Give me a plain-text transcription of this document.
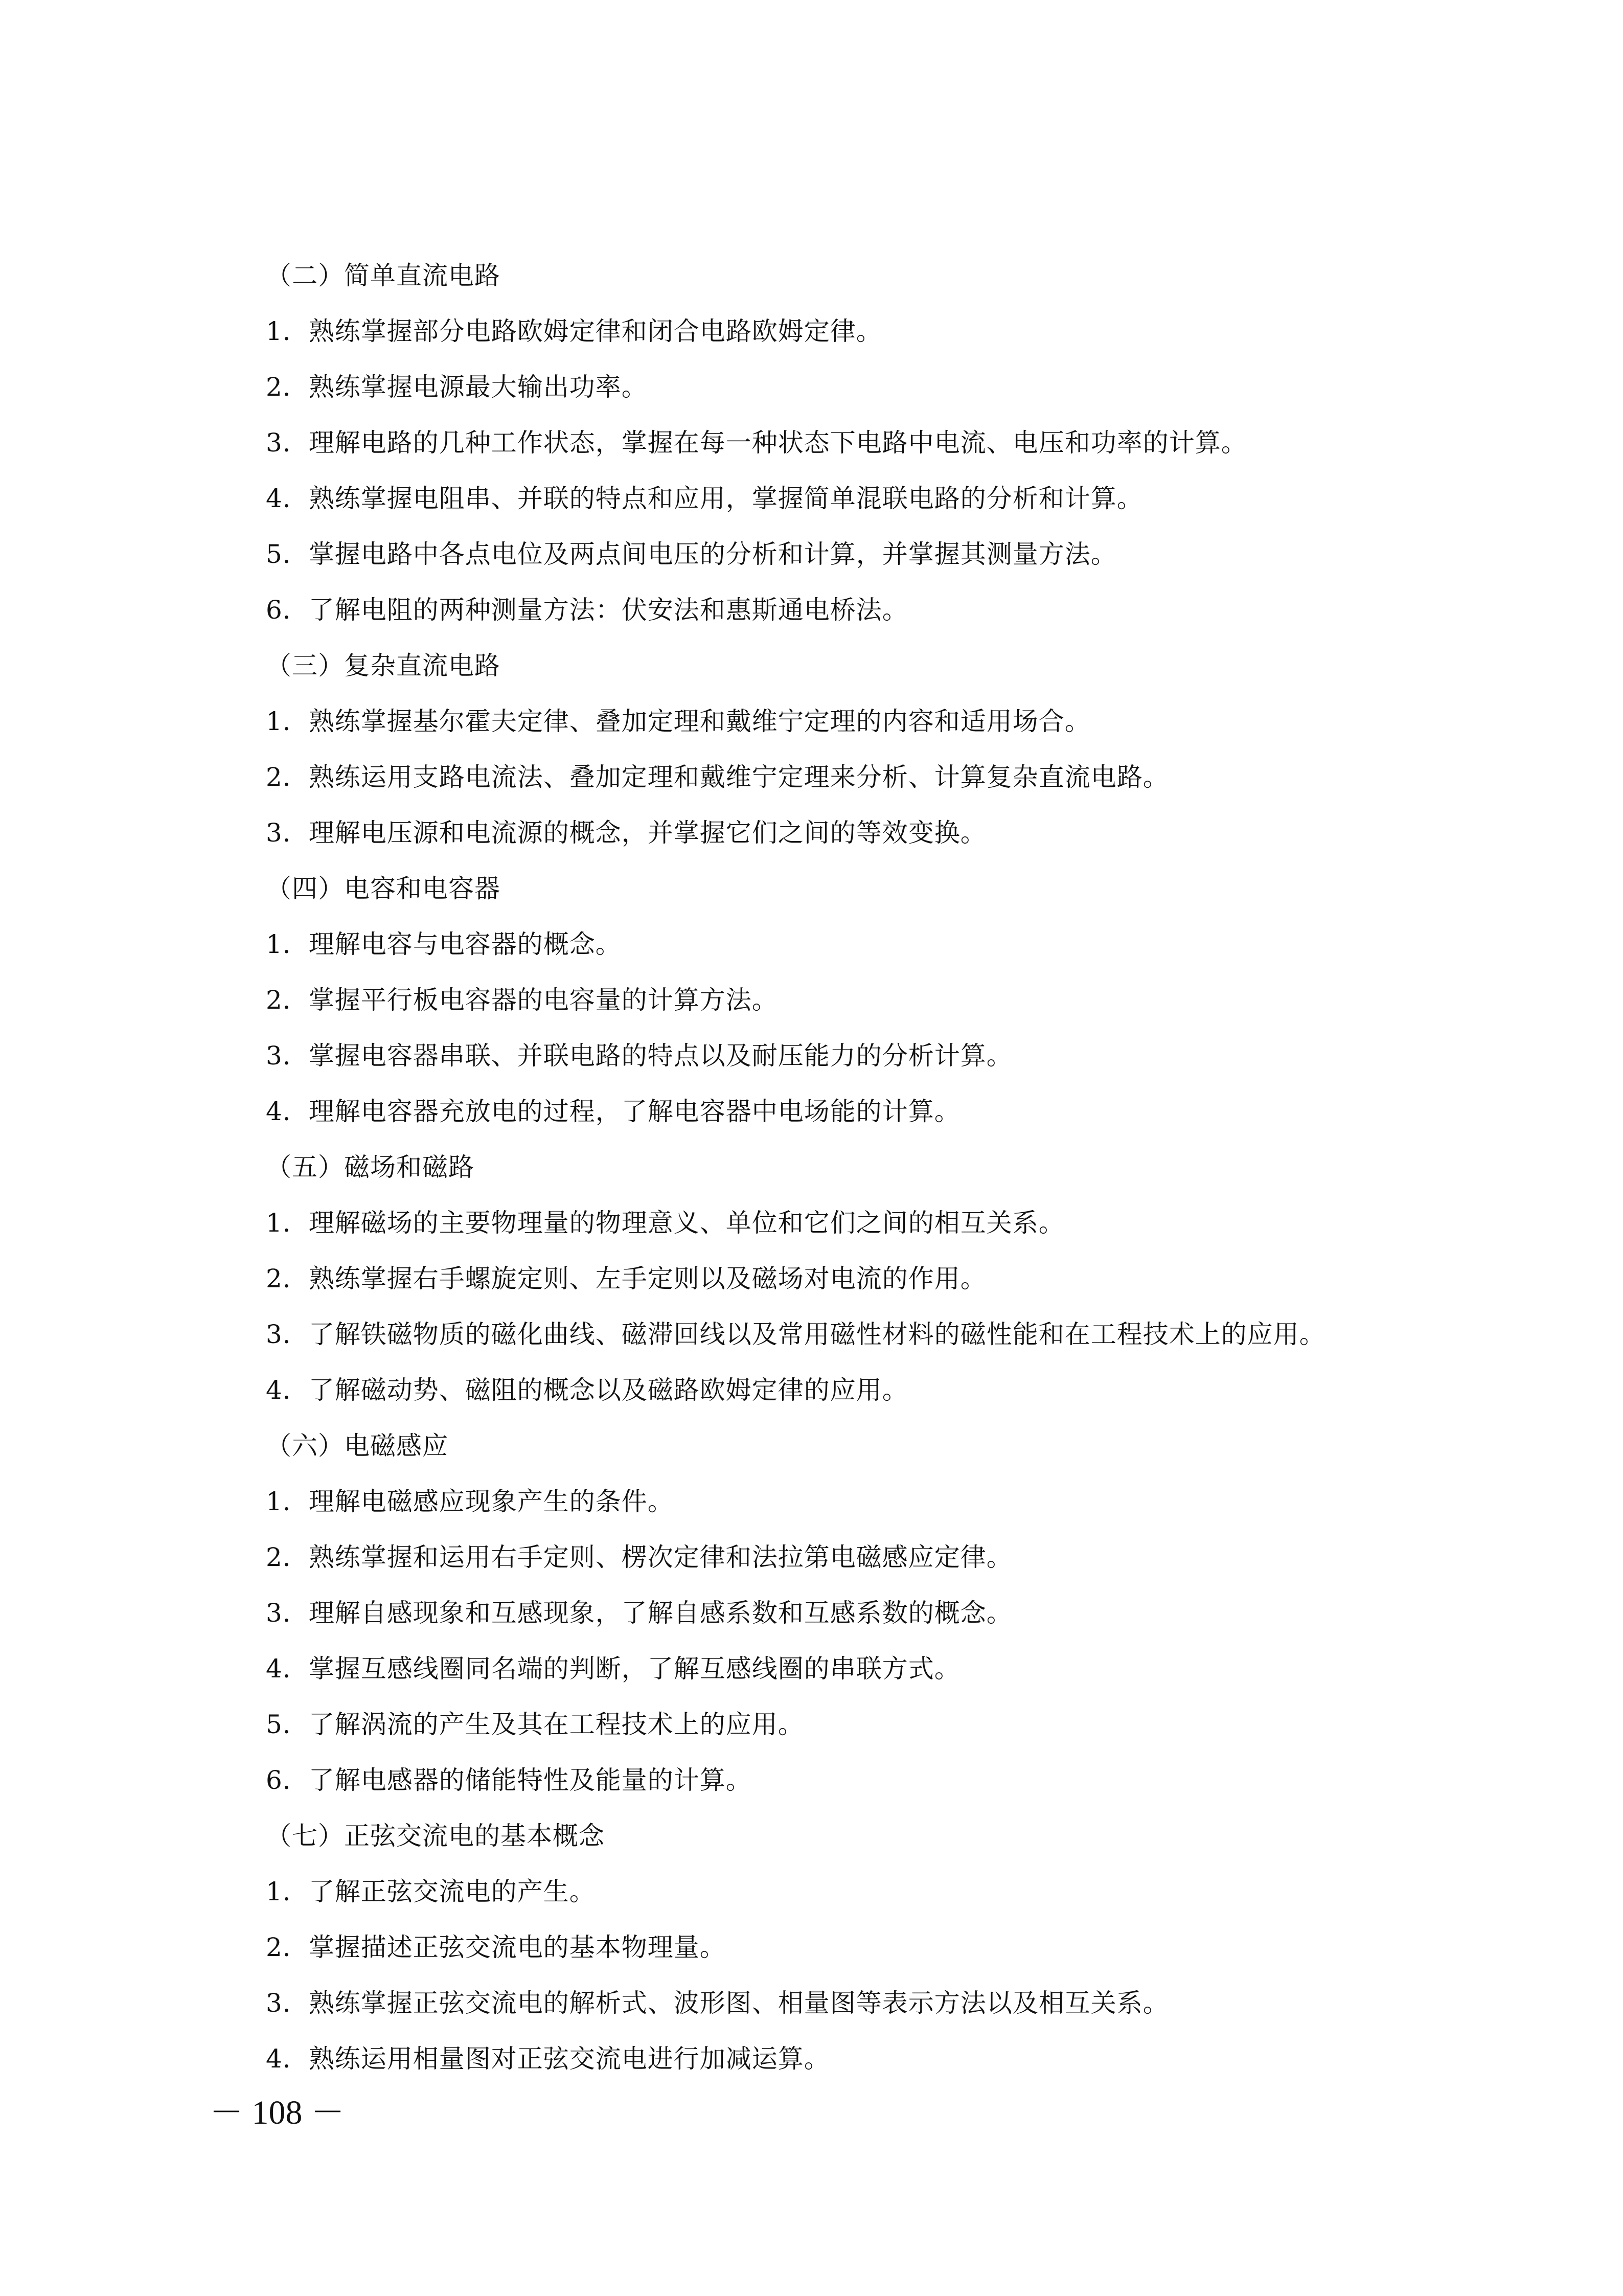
（二）简单直流电路
1．熟练掌握部分电路欧姆定律和闭合电路欧姆定律。
2．熟练掌握电源最大输出功率。
3．理解电路的几种工作状态，掌握在每一种状态下电路中电流、电压和功率的计算。
4．熟练掌握电阻串、并联的特点和应用，掌握简单混联电路的分析和计算。
5．掌握电路中各点电位及两点间电压的分析和计算，并掌握其测量方法。
6．了解电阻的两种测量方法：伏安法和惠斯通电桥法。
（三）复杂直流电路
1．熟练掌握基尔霍夫定律、叠加定理和戴维宁定理的内容和适用场合。
2．熟练运用支路电流法、叠加定理和戴维宁定理来分析、计算复杂直流电路。
3．理解电压源和电流源的概念，并掌握它们之间的等效变换。
（四）电容和电容器
1．理解电容与电容器的概念。
2．掌握平行板电容器的电容量的计算方法。
3．掌握电容器串联、并联电路的特点以及耐压能力的分析计算。
4．理解电容器充放电的过程，了解电容器中电场能的计算。
（五）磁场和磁路
1．理解磁场的主要物理量的物理意义、单位和它们之间的相互关系。
2．熟练掌握右手螺旋定则、左手定则以及磁场对电流的作用。
3．了解铁磁物质的磁化曲线、磁滞回线以及常用磁性材料的磁性能和在工程技术上的应用。
4．了解磁动势、磁阻的概念以及磁路欧姆定律的应用。
（六）电磁感应
1．理解电磁感应现象产生的条件。
2．熟练掌握和运用右手定则、楞次定律和法拉第电磁感应定律。
3．理解自感现象和互感现象，了解自感系数和互感系数的概念。
4．掌握互感线圈同名端的判断，了解互感线圈的串联方式。
5．了解涡流的产生及其在工程技术上的应用。
6．了解电感器的储能特性及能量的计算。
（七）正弦交流电的基本概念
1．了解正弦交流电的产生。
2．掌握描述正弦交流电的基本物理量。
3．熟练掌握正弦交流电的解析式、波形图、相量图等表示方法以及相互关系。
4．熟练运用相量图对正弦交流电进行加减运算。
－ 108 －
